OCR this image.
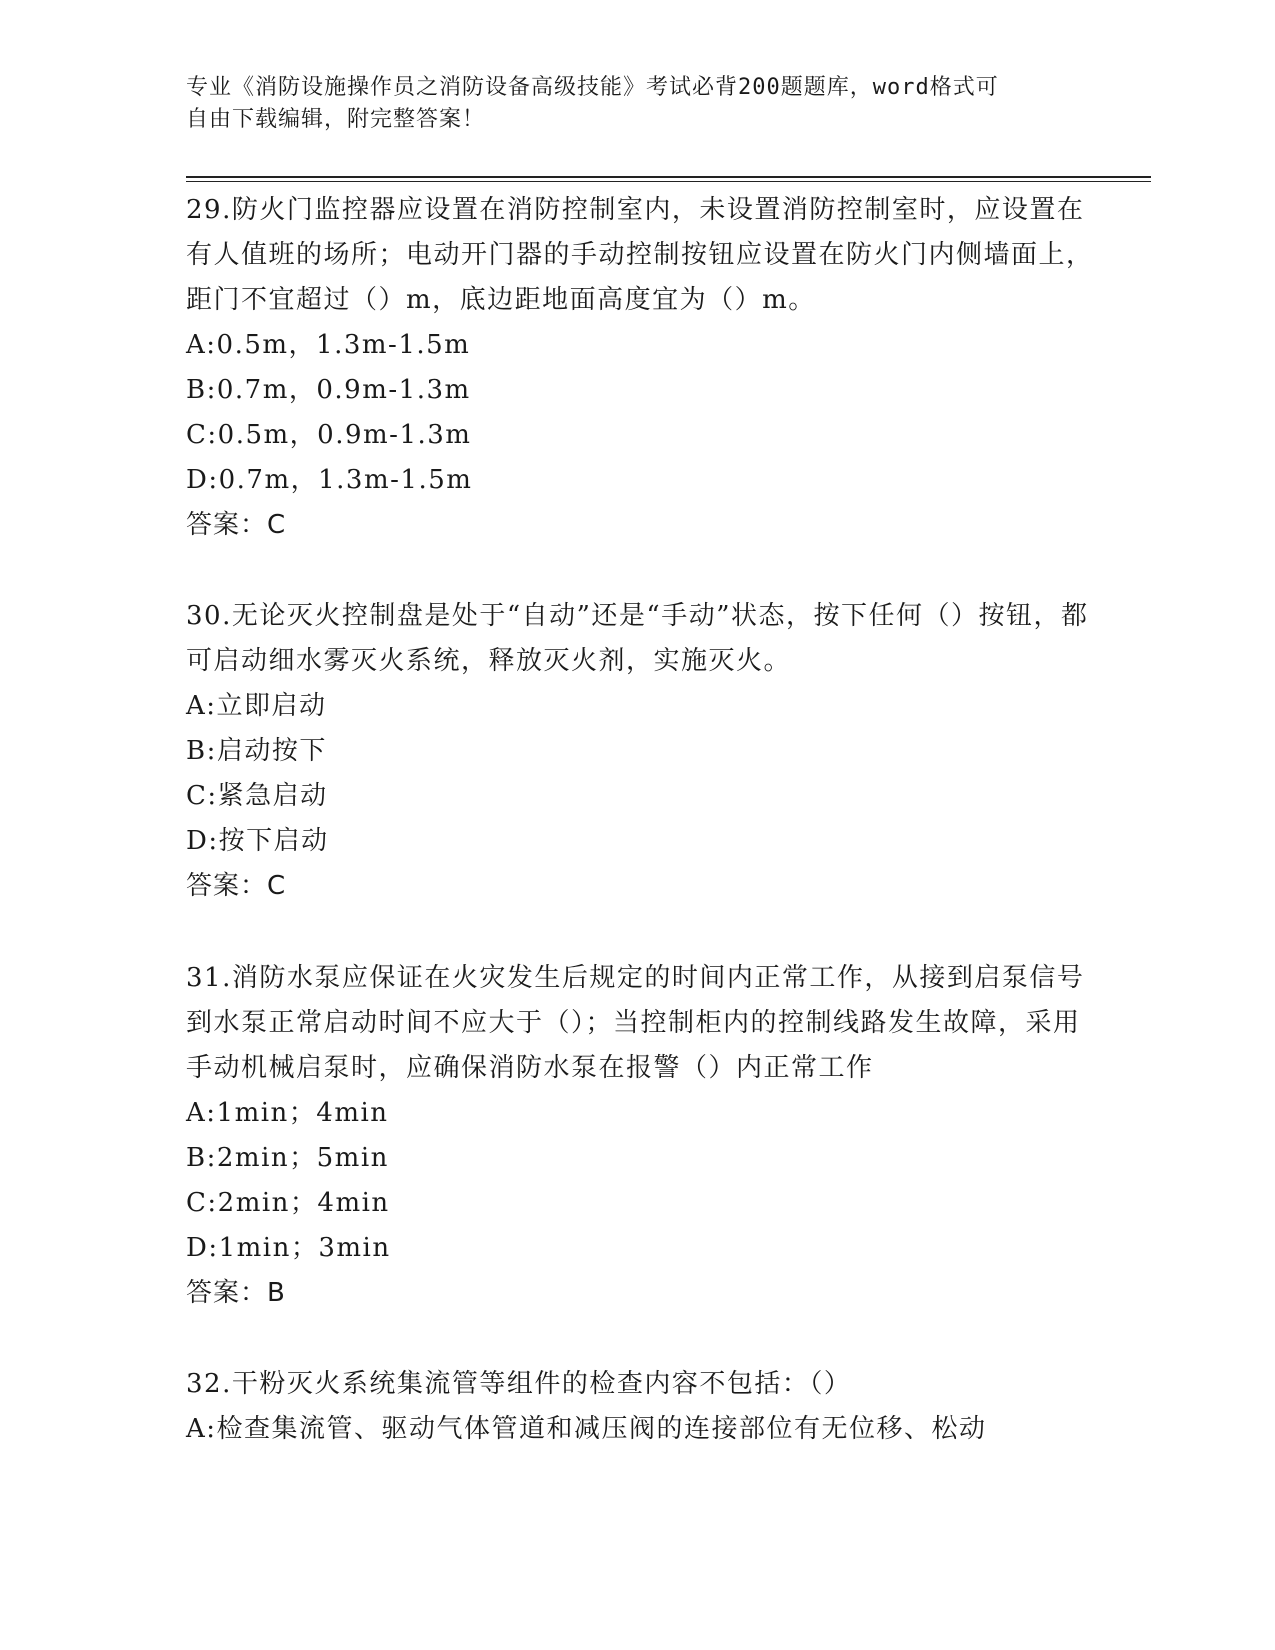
专业《消防设施操作员之消防设备高级技能》考试必背200题题库，word格式可
自由下载编辑，附完整答案！
29.防火门监控器应设置在消防控制室内，未设置消防控制室时，应设置在有人值班的场所；电动开门器的手动控制按钮应设置在防火门内侧墙面上，距门不宜超过（）m，底边距地面高度宜为（）m。
A:0.5m，1.3m-1.5m
B:0.7m，0.9m-1.3m
C:0.5m，0.9m-1.3m
D:0.7m，1.3m-1.5m
答案：C
30.无论灭火控制盘是处于“自动”还是“手动”状态，按下任何（）按钮，都可启动细水雾灭火系统，释放灭火剂，实施灭火。
A:立即启动
B:启动按下
C:紧急启动
D:按下启动
答案：C
31.消防水泵应保证在火灾发生后规定的时间内正常工作，从接到启泵信号到水泵正常启动时间不应大于（）；当控制柜内的控制线路发生故障，采用手动机械启泵时，应确保消防水泵在报警（）内正常工作
A:1min；4min
B:2min；5min
C:2min；4min
D:1min；3min
答案：B
32.干粉灭火系统集流管等组件的检查内容不包括：（）
A:检查集流管、驱动气体管道和减压阀的连接部位有无位移、松动
